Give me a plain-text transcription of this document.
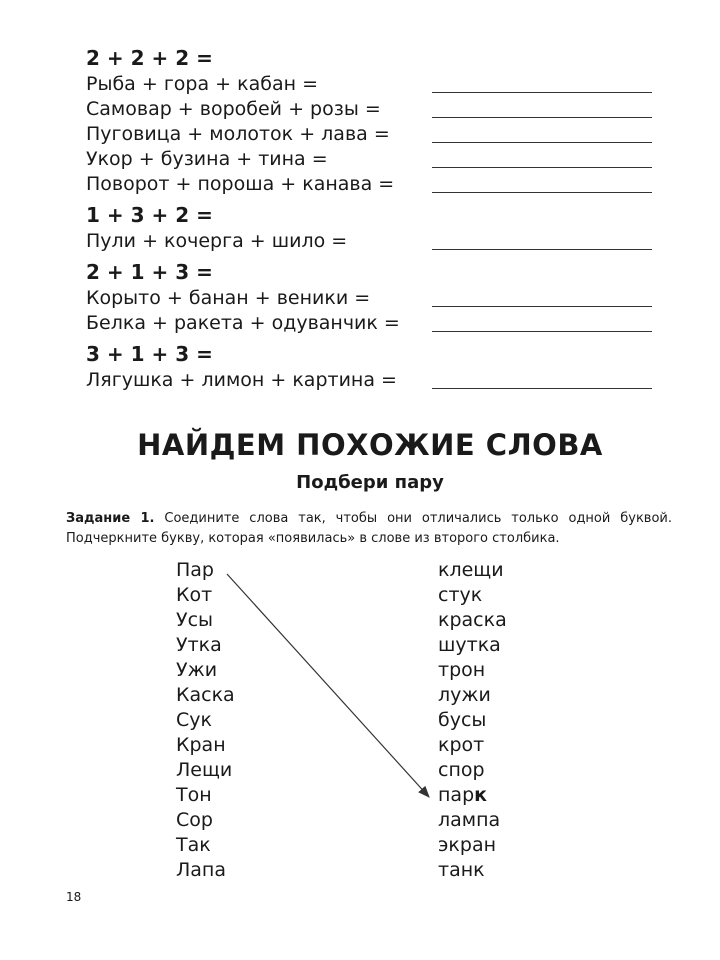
2 + 2 + 2 =
Рыба + гора + кабан =
Самовар + воробей + розы =
Пуговица + молоток + лава =
Укор + бузина + тина =
Поворот + пороша + канава =
1 + 3 + 2 =
Пули + кочерга + шило =
2 + 1 + 3 =
Корыто + банан + веники =
Белка + ракета + одуванчик =
3 + 1 + 3 =
Лягушка + лимон + картина =
НАЙДЕМ ПОХОЖИЕ СЛОВА
Подбери пару
Задание 1. Соедините слова так, чтобы они отличались только одной буквой. Подчеркните букву, которая «появилась» в слове из второго столбика.
Пар
Кот
Усы
Утка
Ужи
Каска
Сук
Кран
Лещи
Тон
Сор
Так
Лапа
клещи
стук
краска
шутка
трон
лужи
бусы
крот
спор
парк
лампа
экран
танк
18
